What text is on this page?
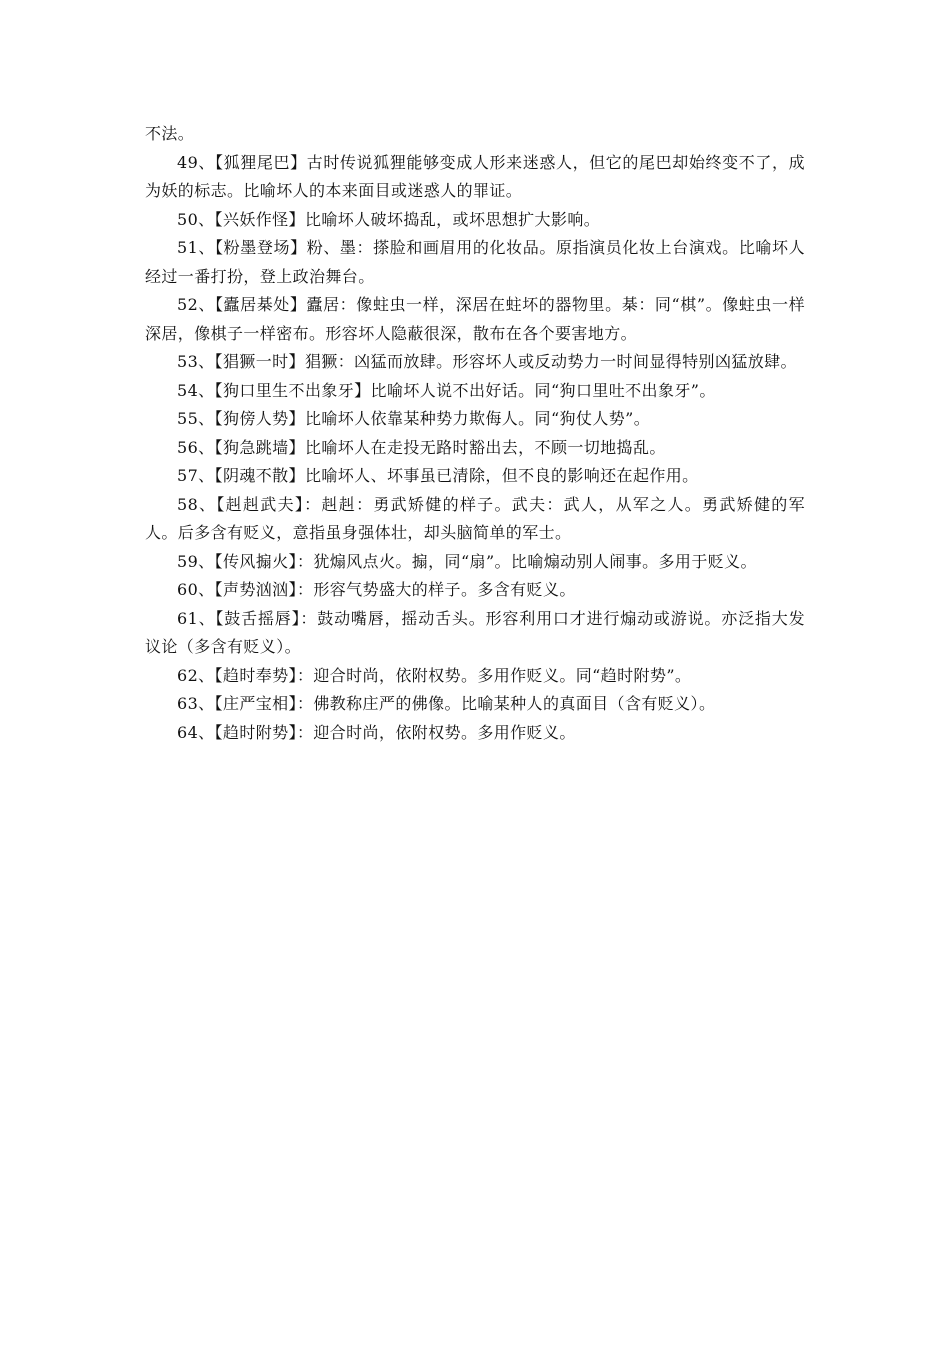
不法。

49、【狐狸尾巴】古时传说狐狸能够变成人形来迷惑人，但它的尾巴却始终变不了，成为妖的标志。比喻坏人的本来面目或迷惑人的罪证。

50、【兴妖作怪】比喻坏人破坏捣乱，或坏思想扩大影响。

51、【粉墨登场】粉、墨：搽脸和画眉用的化妆品。原指演员化妆上台演戏。比喻坏人经过一番打扮，登上政治舞台。

52、【蠹居棊处】蠹居：像蛀虫一样，深居在蛀坏的器物里。棊：同“棋”。像蛀虫一样深居，像棋子一样密布。形容坏人隐蔽很深，散布在各个要害地方。

53、【猖獗一时】猖獗：凶猛而放肆。形容坏人或反动势力一时间显得特别凶猛放肆。

54、【狗口里生不出象牙】比喻坏人说不出好话。同“狗口里吐不出象牙”。

55、【狗傍人势】比喻坏人依靠某种势力欺侮人。同“狗仗人势”。

56、【狗急跳墙】比喻坏人在走投无路时豁出去，不顾一切地捣乱。

57、【阴魂不散】比喻坏人、坏事虽已清除，但不良的影响还在起作用。

58、【赳赳武夫】：赳赳：勇武矫健的样子。武夫：武人，从军之人。勇武矫健的军人。后多含有贬义，意指虽身强体壮，却头脑简单的军士。

59、【传风搧火】：犹煽风点火。搧，同“扇”。比喻煽动别人闹事。多用于贬义。

60、【声势汹汹】：形容气势盛大的样子。多含有贬义。

61、【鼓舌摇唇】：鼓动嘴唇，摇动舌头。形容利用口才进行煽动或游说。亦泛指大发议论（多含有贬义）。

62、【趋时奉势】：迎合时尚，依附权势。多用作贬义。同“趋时附势”。

63、【庄严宝相】：佛教称庄严的佛像。比喻某种人的真面目（含有贬义）。

64、【趋时附势】：迎合时尚，依附权势。多用作贬义。
